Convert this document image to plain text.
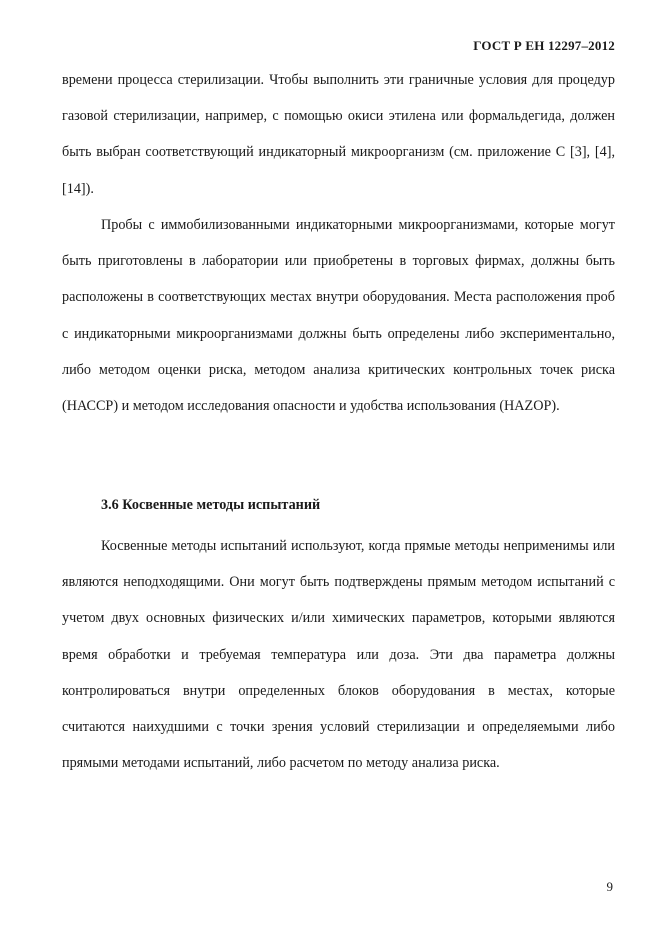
ГОСТ Р ЕН 12297–2012

времени процесса стерилизации. Чтобы выполнить эти граничные условия для процедур газовой стерилизации, например, с помощью окиси этилена или формальдегида, должен быть выбран соответствующий индикаторный микроорганизм (см. приложение С [3], [4], [14]).

Пробы с иммобилизованными индикаторными микроорганизмами, которые могут быть приготовлены в лаборатории или приобретены в торговых фирмах, должны быть расположены в соответствующих местах внутри оборудования. Места расположения проб с индикаторными микроорганизмами должны быть определены либо экспериментально, либо методом оценки риска, методом анализа критических контрольных точек риска (НАССР) и методом исследования опасности и удобства использования (HAZOP).

3.6 Косвенные методы испытаний

Косвенные методы испытаний используют, когда прямые методы неприменимы или являются неподходящими. Они могут быть подтверждены прямым методом испытаний с учетом двух основных физических и/или химических параметров, которыми являются время обработки и требуемая температура или доза. Эти два параметра должны контролироваться внутри определенных блоков оборудования в местах, которые считаются наихудшими с точки зрения условий стерилизации и определяемыми либо прямыми методами испытаний, либо расчетом по методу анализа риска.

9
